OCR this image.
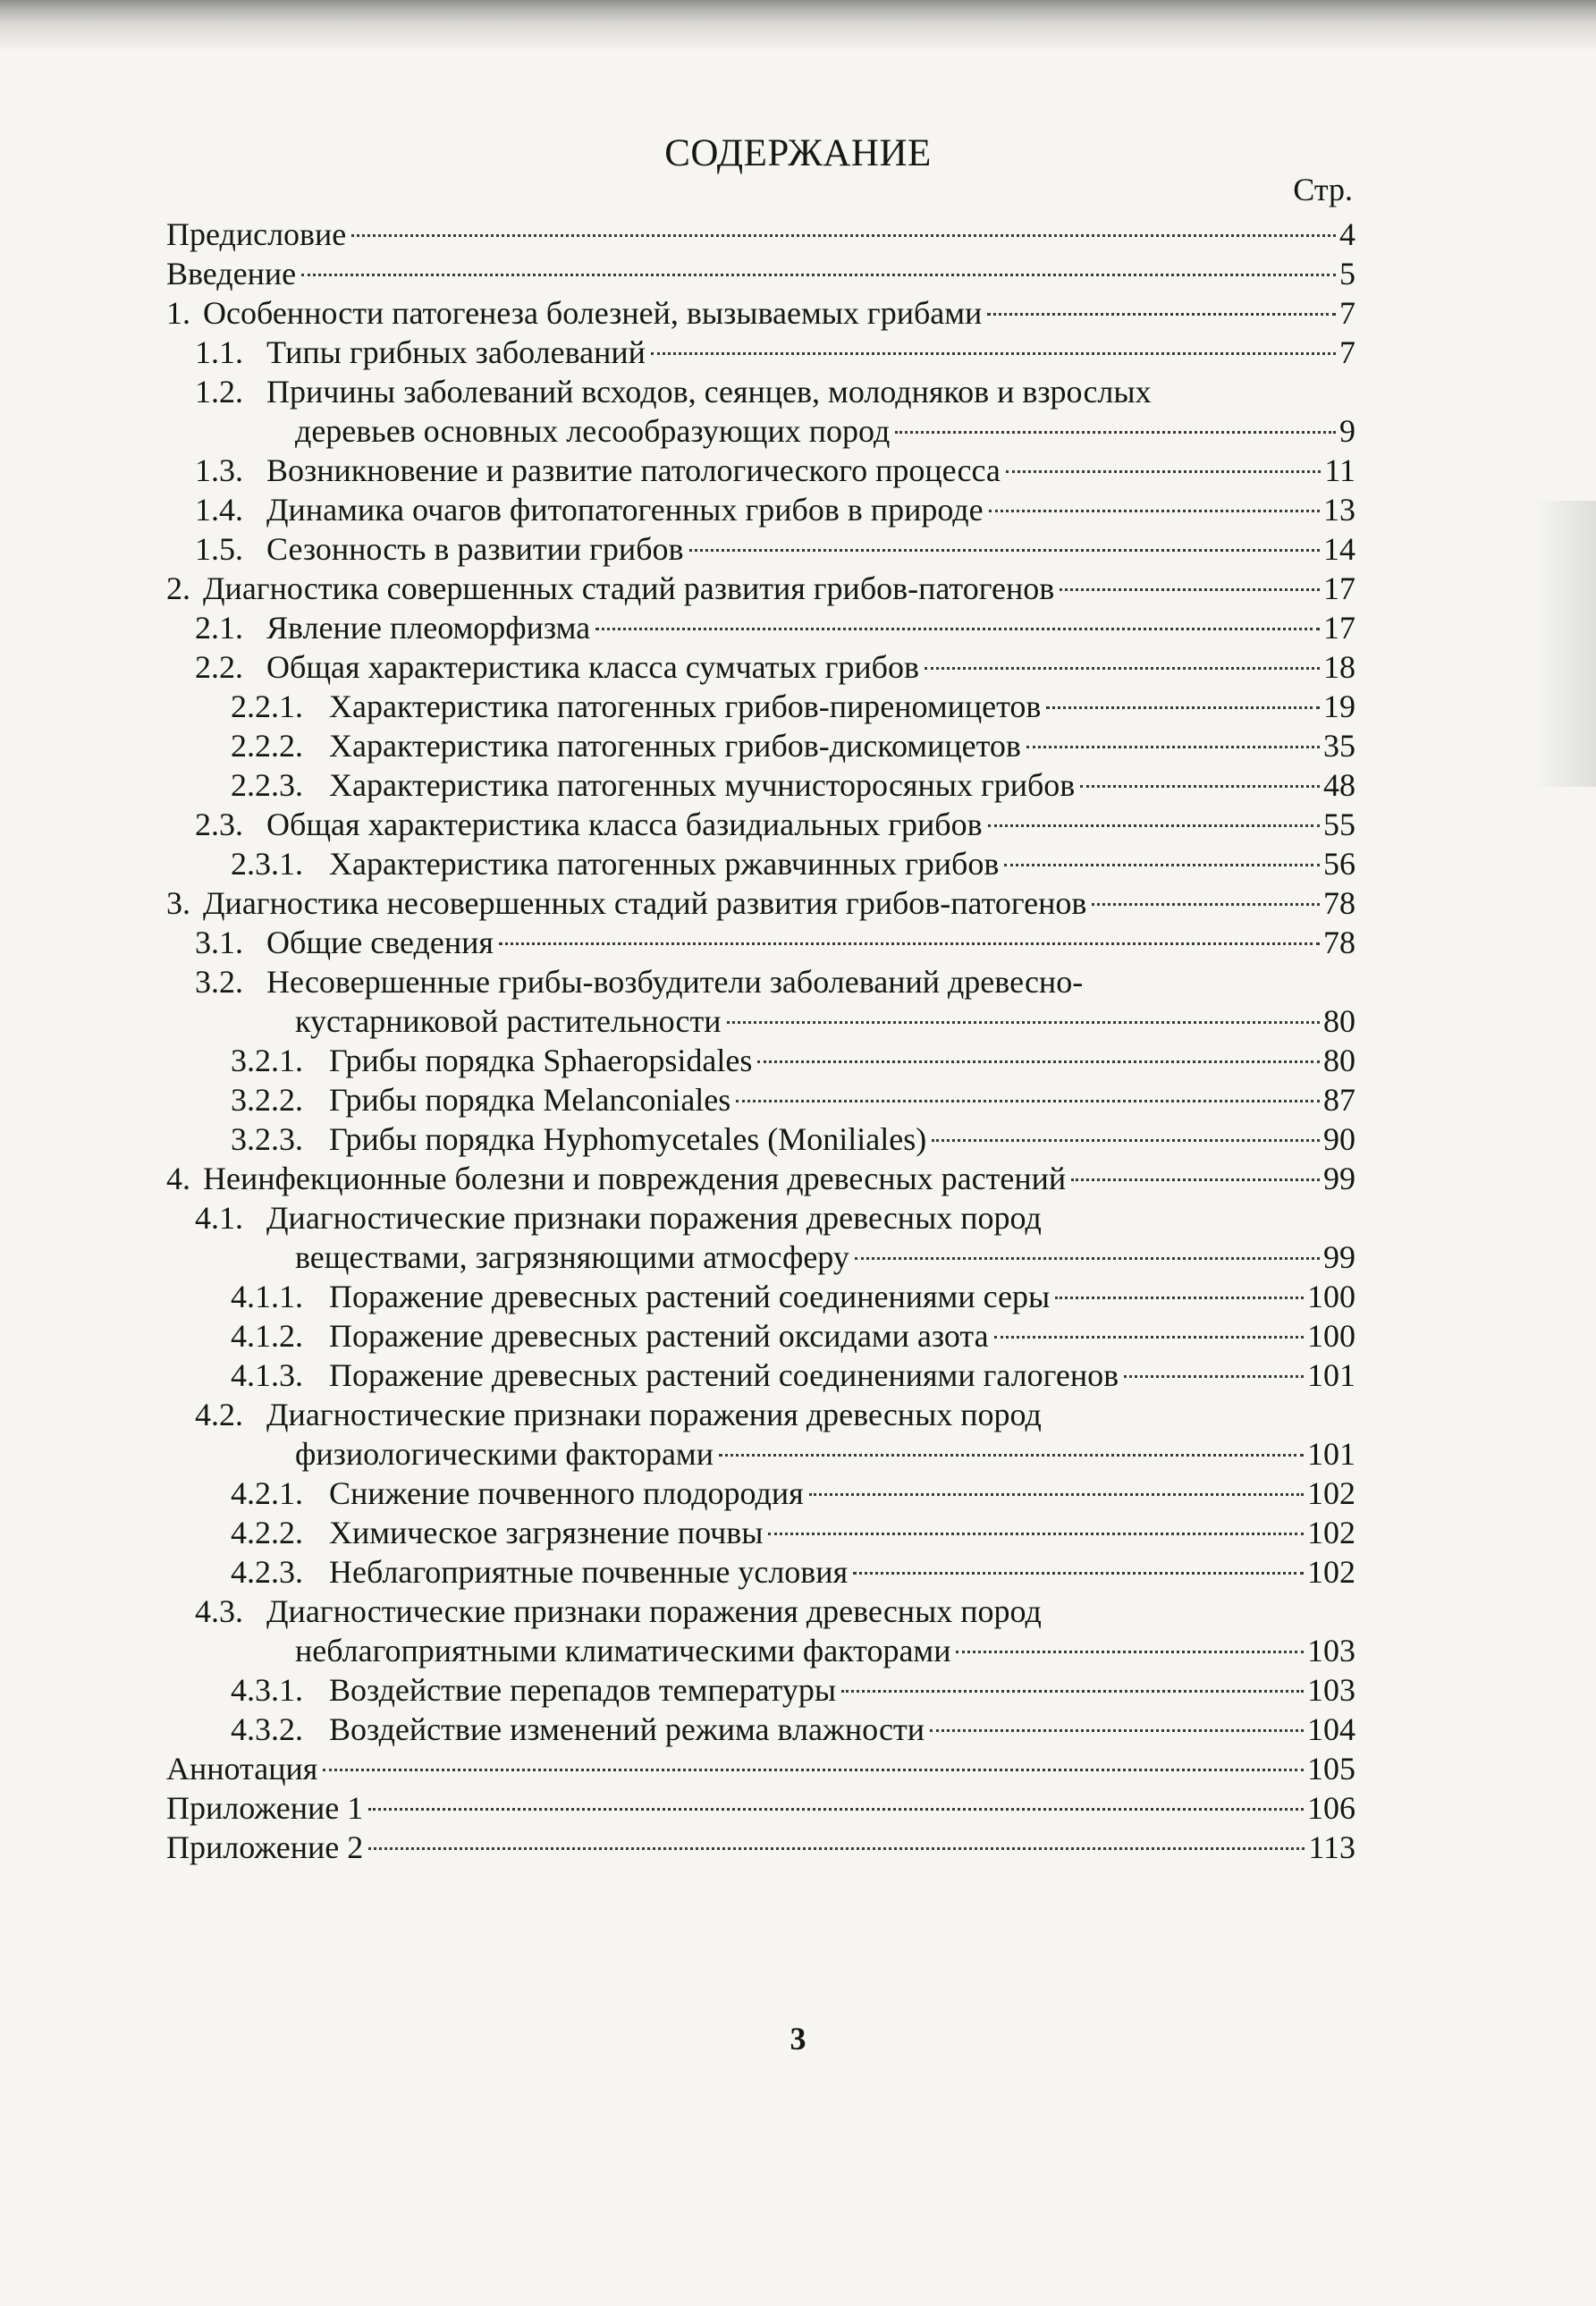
СОДЕРЖАНИЕ
Стр.
Предисловие	4
Введение	5
1. Особенности патогенеза болезней, вызываемых грибами	7
1.1. Типы грибных заболеваний	7
1.2. Причины заболеваний всходов, сеянцев, молодняков и взрослых
деревьев основных лесообразующих пород	9
1.3. Возникновение и развитие патологического процесса	11
1.4. Динамика очагов фитопатогенных грибов в природе	13
1.5. Сезонность в развитии грибов	14
2. Диагностика совершенных стадий развития грибов-патогенов	17
2.1. Явление плеоморфизма	17
2.2. Общая характеристика класса сумчатых грибов	18
2.2.1. Характеристика патогенных грибов-пиреномицетов	19
2.2.2. Характеристика патогенных грибов-дискомицетов	35
2.2.3. Характеристика патогенных мучнисторосяных грибов	48
2.3. Общая характеристика класса базидиальных грибов	55
2.3.1. Характеристика патогенных ржавчинных грибов	56
3. Диагностика несовершенных стадий развития грибов-патогенов	78
3.1. Общие сведения	78
3.2. Несовершенные грибы-возбудители заболеваний древесно-
кустарниковой растительности	80
3.2.1. Грибы порядка Sphaeropsidales	80
3.2.2. Грибы порядка Melanconiales	87
3.2.3. Грибы порядка Hyphomycetales (Moniliales)	90
4. Неинфекционные болезни и повреждения древесных растений	99
4.1. Диагностические признаки поражения древесных пород
веществами, загрязняющими атмосферу	99
4.1.1. Поражение древесных растений соединениями серы	100
4.1.2. Поражение древесных растений оксидами азота	100
4.1.3. Поражение древесных растений соединениями галогенов	101
4.2. Диагностические признаки поражения древесных пород
физиологическими факторами	101
4.2.1. Снижение почвенного плодородия	102
4.2.2. Химическое загрязнение почвы	102
4.2.3. Неблагоприятные почвенные условия	102
4.3. Диагностические признаки поражения древесных пород
неблагоприятными климатическими факторами	103
4.3.1. Воздействие перепадов температуры	103
4.3.2. Воздействие изменений режима влажности	104
Аннотация	105
Приложение 1	106
Приложение 2	113
3
